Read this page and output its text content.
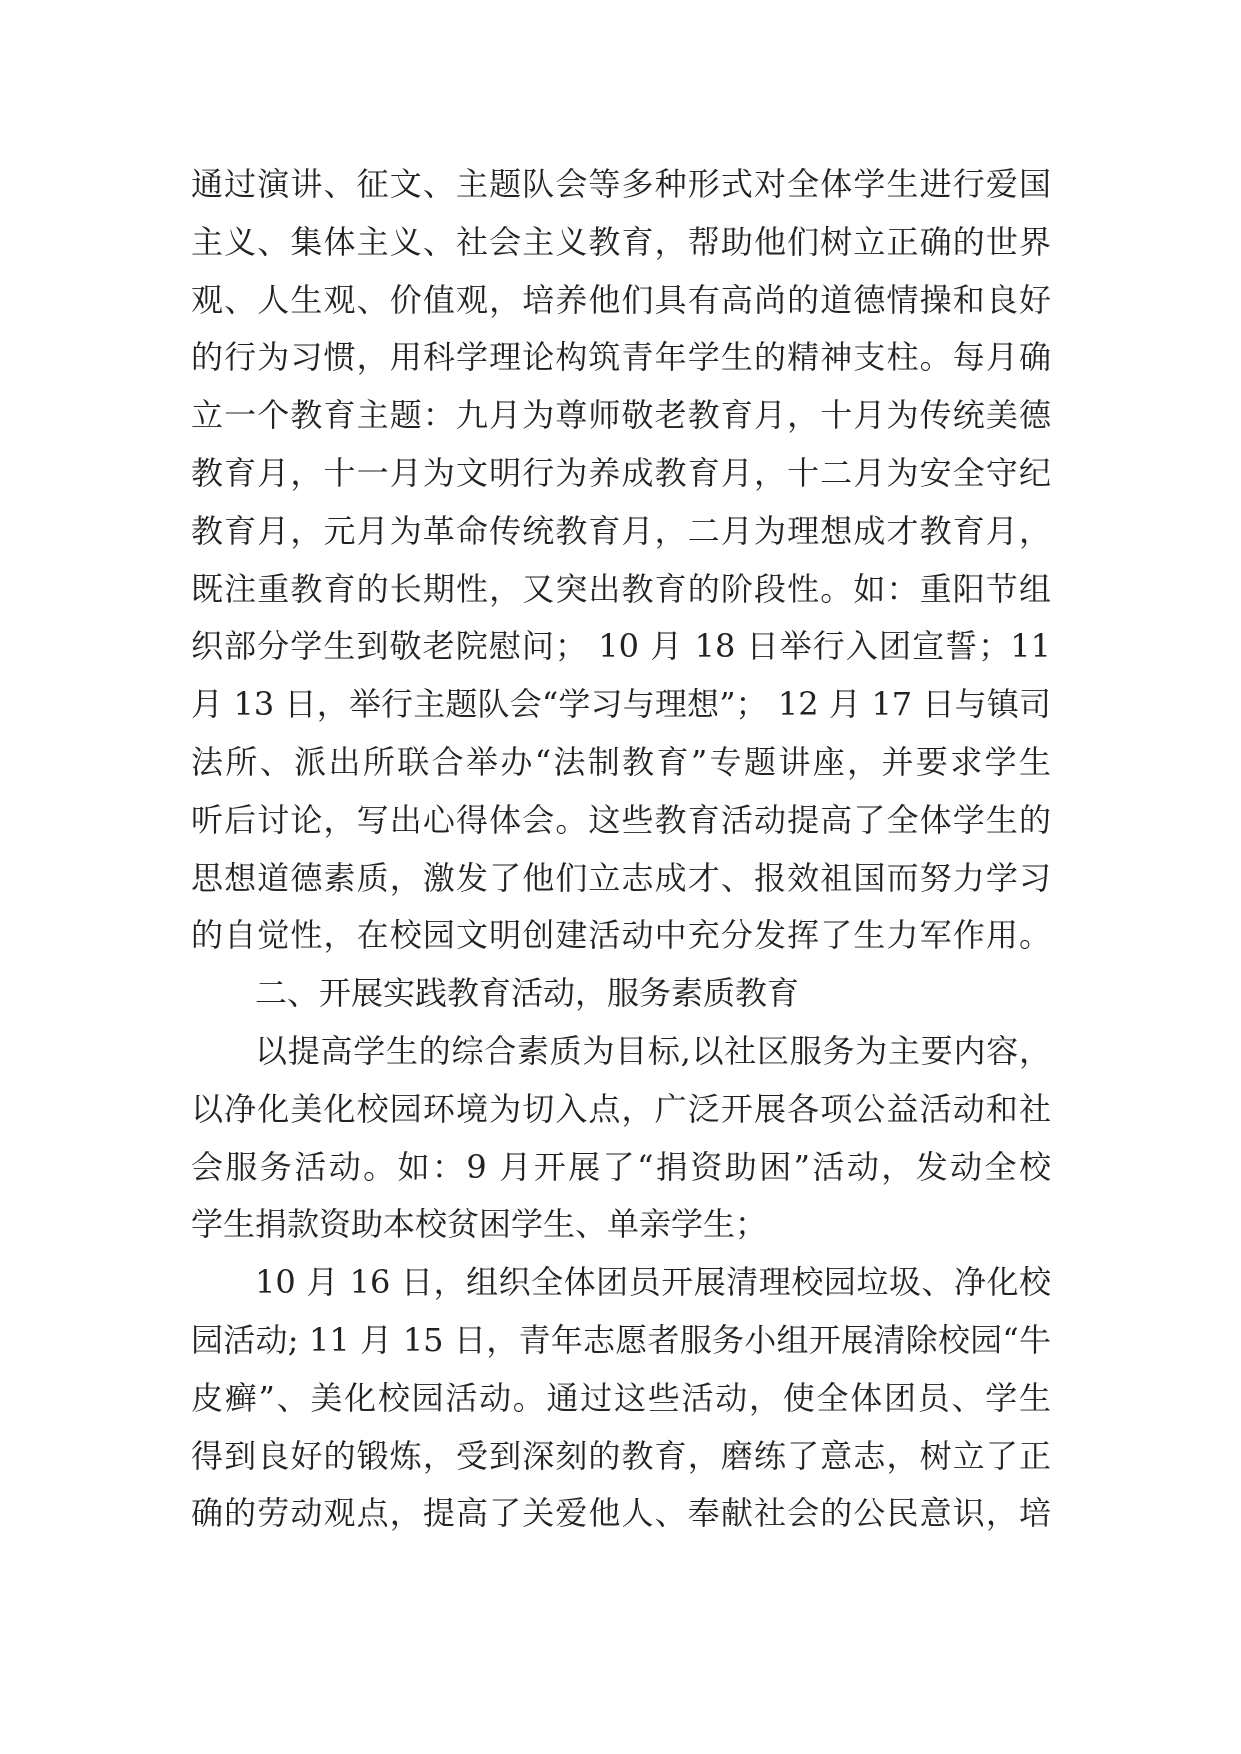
通过演讲、征文、主题队会等多种形式对全体学生进行爱国
主义、集体主义、社会主义教育，帮助他们树立正确的世界
观、人生观、价值观，培养他们具有高尚的道德情操和良好
的行为习惯，用科学理论构筑青年学生的精神支柱。每月确
立一个教育主题：九月为尊师敬老教育月，十月为传统美德
教育月，十一月为文明行为养成教育月，十二月为安全守纪
教育月，元月为革命传统教育月，二月为理想成才教育月，
既注重教育的长期性，又突出教育的阶段性。如：重阳节组
织部分学生到敬老院慰问； 10 月 18 日举行入团宣誓；11
月 13 日，举行主题队会“学习与理想”； 12 月 17 日与镇司
法所、派出所联合举办“法制教育”专题讲座，并要求学生
听后讨论，写出心得体会。这些教育活动提高了全体学生的
思想道德素质，激发了他们立志成才、报效祖国而努力学习
的自觉性，在校园文明创建活动中充分发挥了生力军作用。
二、开展实践教育活动，服务素质教育
以提高学生的综合素质为目标,以社区服务为主要内容，
以净化美化校园环境为切入点，广泛开展各项公益活动和社
会服务活动。如：9 月开展了“捐资助困”活动，发动全校
学生捐款资助本校贫困学生、单亲学生；
10 月 16 日，组织全体团员开展清理校园垃圾、净化校
园活动; 11 月 15 日，青年志愿者服务小组开展清除校园“牛
皮癣”、美化校园活动。通过这些活动，使全体团员、学生
得到良好的锻炼，受到深刻的教育，磨练了意志，树立了正
确的劳动观点，提高了关爱他人、奉献社会的公民意识，培
